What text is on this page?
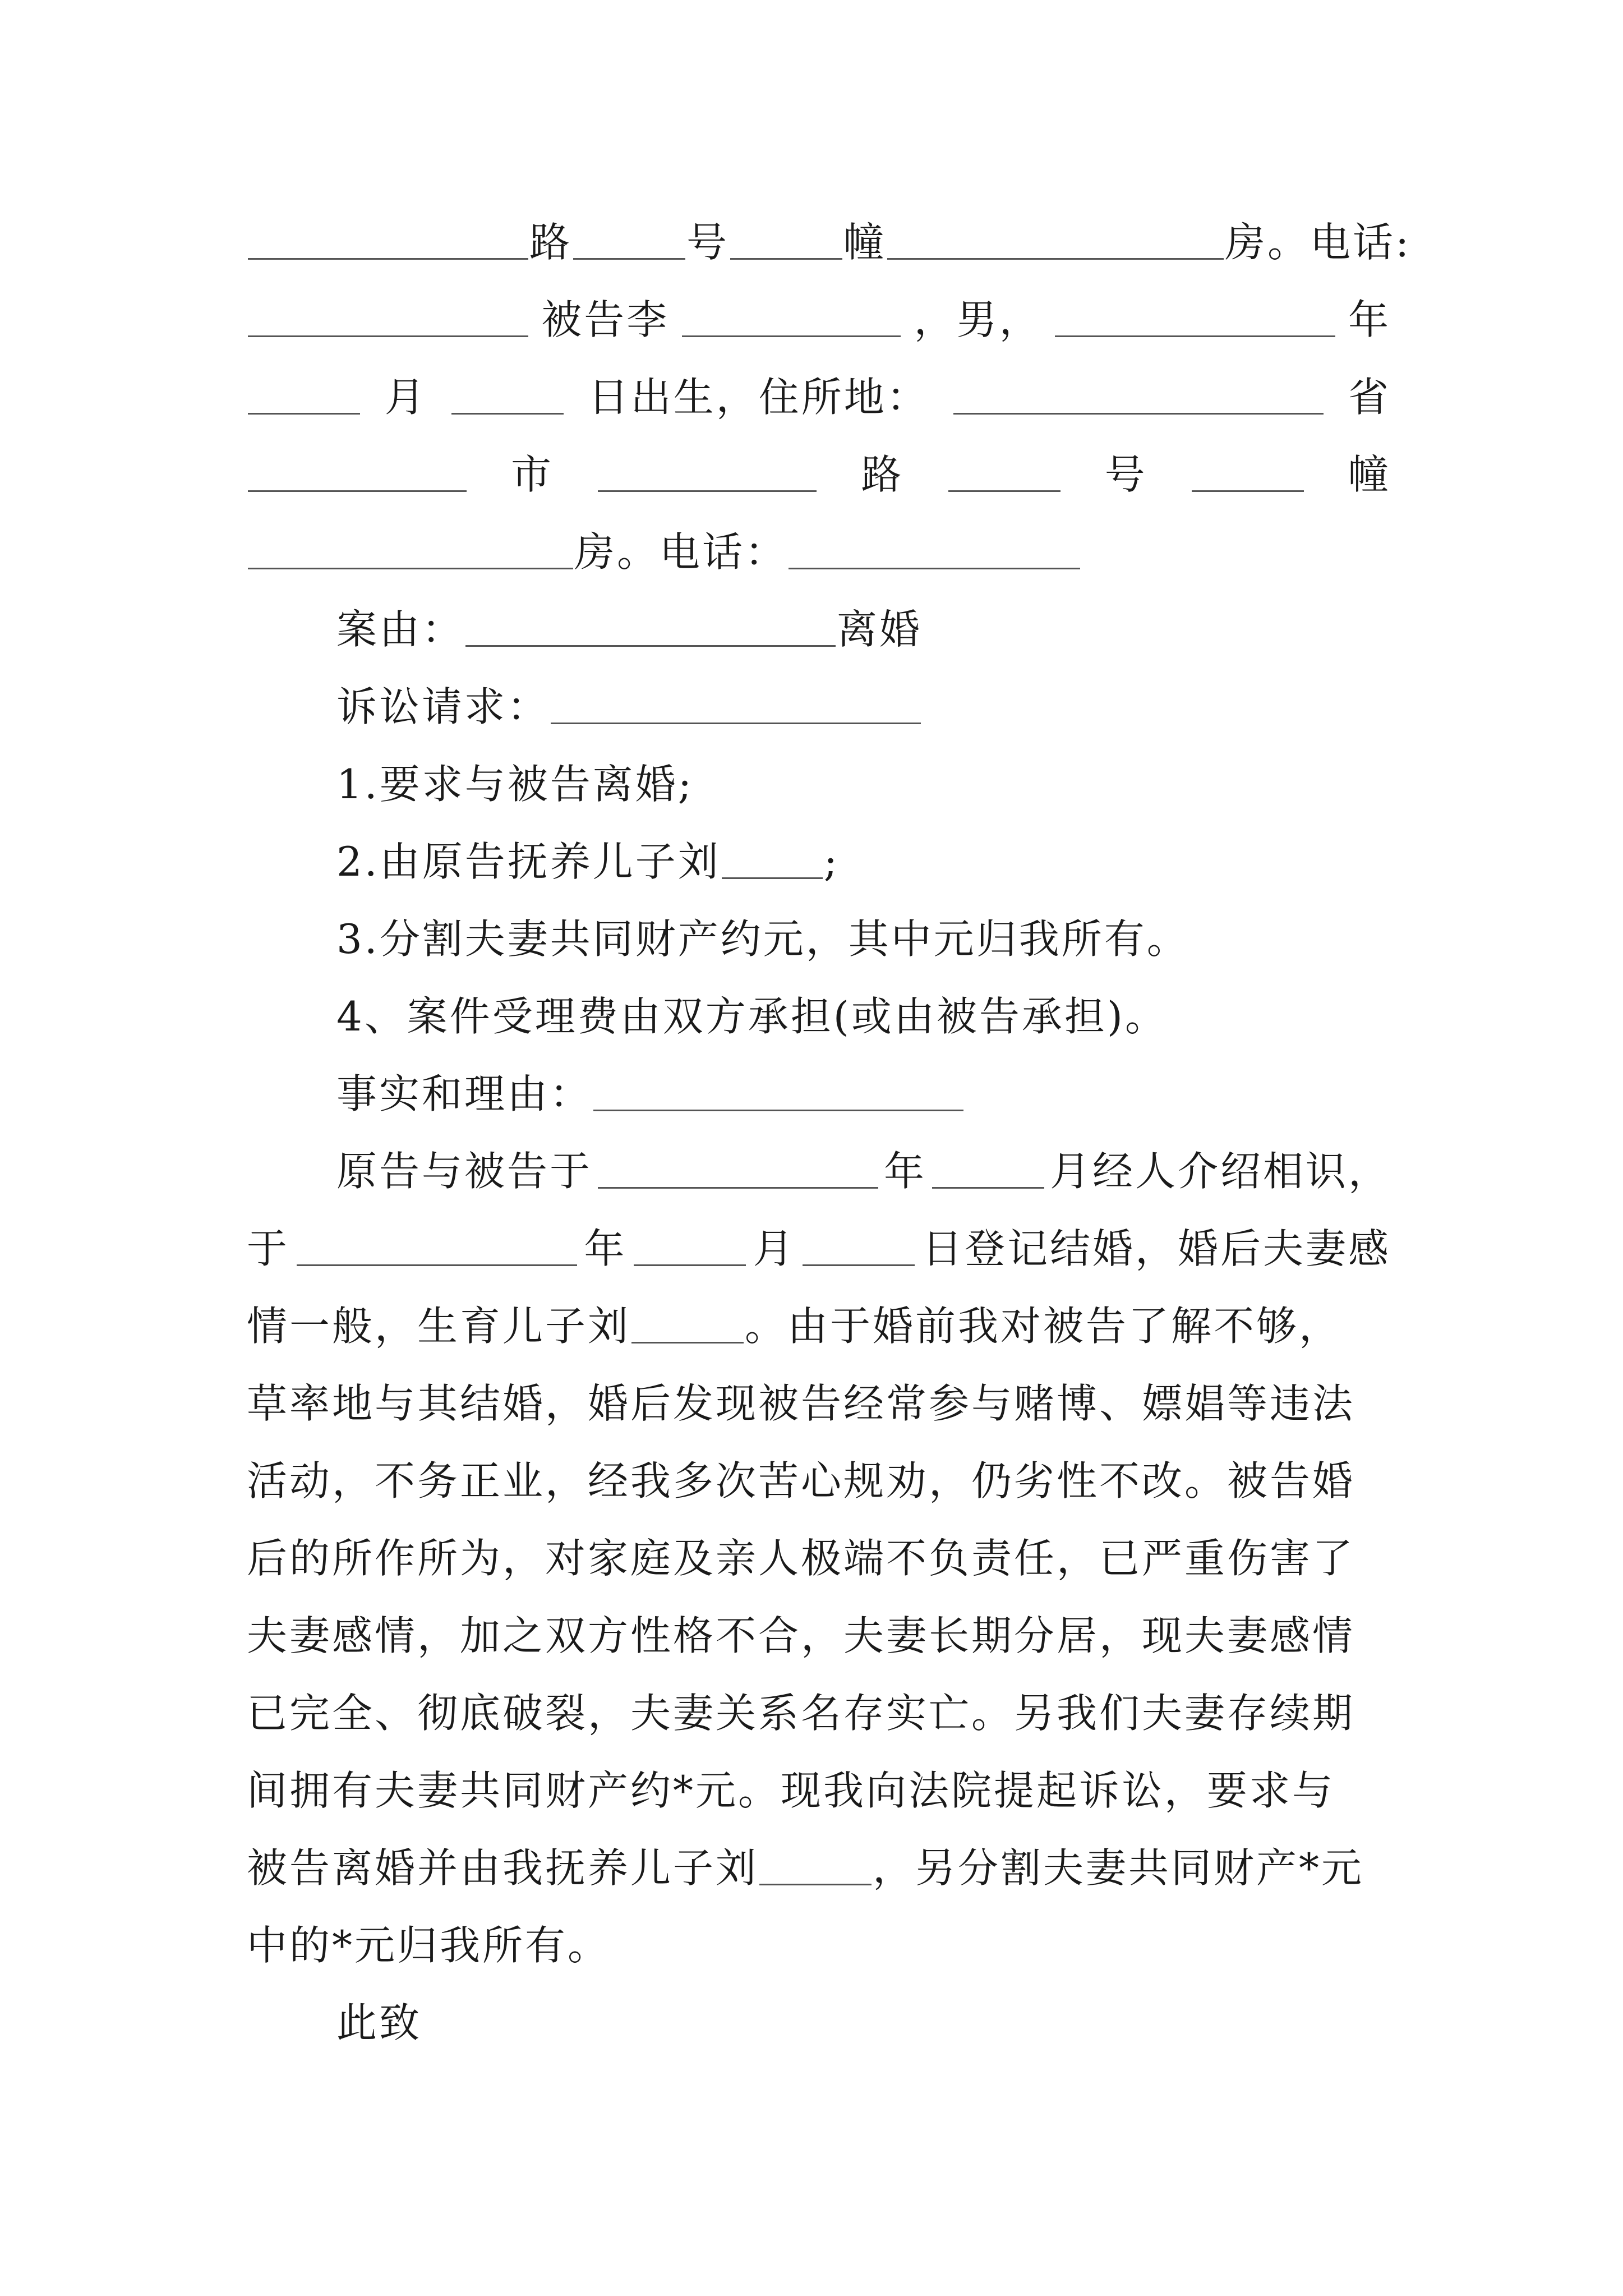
路	号	幢	房。电话:
被告李	，男，	年
月	日出生，住所地：	省
市	路	号	幢
房。电话：
案由：	离婚
诉讼请求：
1.要求与被告离婚;
2.由原告抚养儿子刘	;
3.分割夫妻共同财产约元，其中元归我所有。
4、案件受理费由双方承担(或由被告承担)。
事实和理由：
原告与被告于	年	月经人介绍相识，
于	年	月	日登记结婚，婚后夫妻感
情一般，生育儿子刘	。由于婚前我对被告了解不够，
草率地与其结婚，婚后发现被告经常参与赌博、嫖娼等违法
活动，不务正业，经我多次苦心规劝，仍劣性不改。被告婚
后的所作所为，对家庭及亲人极端不负责任，已严重伤害了
夫妻感情，加之双方性格不合，夫妻长期分居，现夫妻感情
已完全、彻底破裂，夫妻关系名存实亡。另我们夫妻存续期
间拥有夫妻共同财产约*元。现我向法院提起诉讼，要求与
被告离婚并由我抚养儿子刘	，另分割夫妻共同财产*元
中的*元归我所有。
此致
